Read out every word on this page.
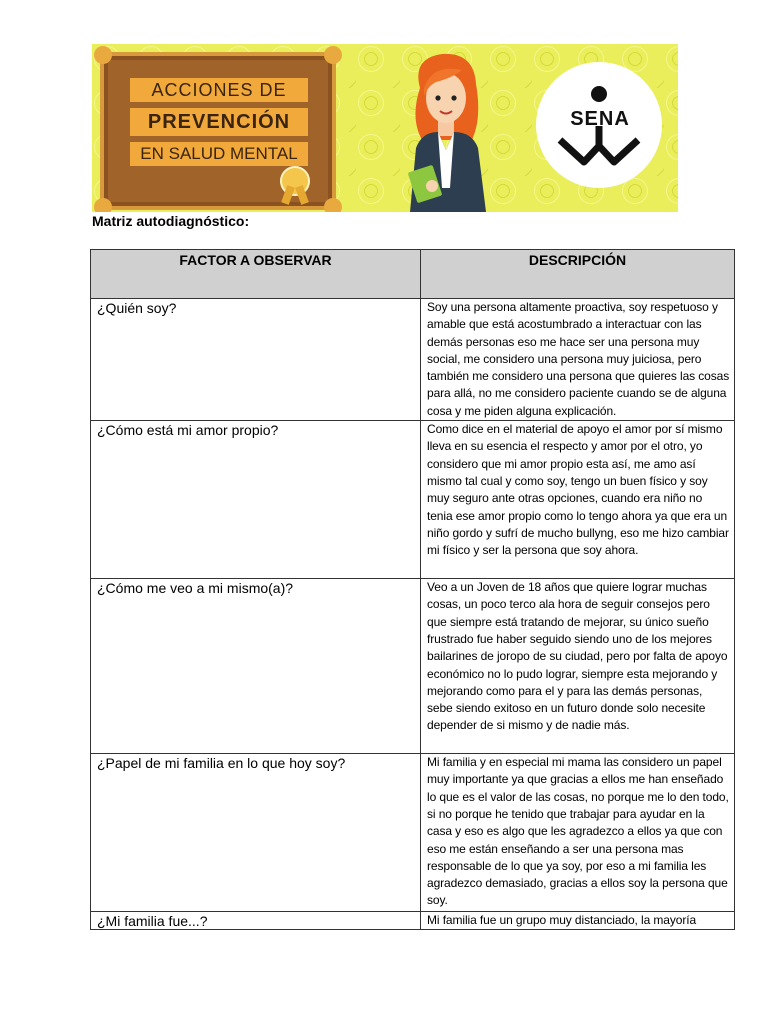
ACCIONES DE
PREVENCIÓN
EN SALUD MENTAL
SENA
Matriz autodiagnóstico:
FACTOR A OBSERVAR	DESCRIPCIÓN
¿Quién soy?	Soy una persona altamente proactiva, soy respetuoso y amable que está acostumbrado a interactuar con las demás personas eso me hace ser una persona muy social, me considero una persona muy juiciosa, pero también me considero una persona que quieres las cosas para allá, no me considero paciente cuando se de alguna cosa y me piden alguna explicación.
¿Cómo está mi amor propio?	Como dice en el material de apoyo el amor por sí mismo lleva en su esencia el respecto y amor por el otro, yo considero que mi amor propio esta así, me amo así mismo tal cual y como soy, tengo un buen físico y soy muy seguro ante otras opciones, cuando era niño no tenia ese amor propio como lo tengo ahora ya que era un niño gordo y sufrí de mucho bullyng, eso me hizo cambiar mi físico y ser la persona que soy ahora.
¿Cómo me veo a mi mismo(a)?	Veo a un Joven de 18 años que quiere lograr muchas cosas, un poco terco ala hora de seguir consejos pero que siempre está tratando de mejorar, su único sueño frustrado fue haber seguido siendo uno de los mejores bailarines de joropo de su ciudad, pero por falta de apoyo económico no lo pudo lograr, siempre esta mejorando y mejorando como para el y para las demás personas, sebe siendo exitoso en un futuro donde solo necesite depender de si mismo y de nadie más.
¿Papel de mi familia en lo que hoy soy?	Mi familia y en especial mi mama las considero un papel muy importante ya que gracias a ellos me han enseñado lo que es el valor de las cosas, no porque me lo den todo, si no porque he tenido que trabajar para ayudar en la casa y eso es algo que les agradezco a ellos ya que con eso me están enseñando a ser una persona mas responsable de lo que ya soy, por eso a mi familia les agradezco demasiado, gracias a ellos soy la persona que soy.
¿Mi familia fue...?	Mi familia fue un grupo muy distanciado, la mayoría
